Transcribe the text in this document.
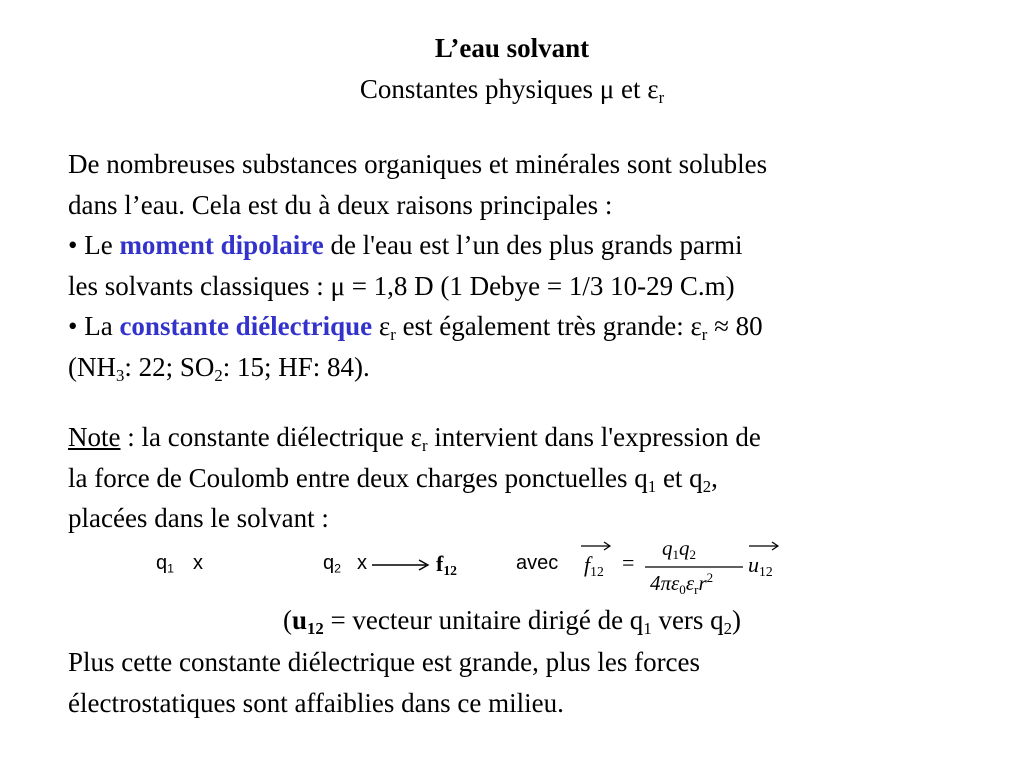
L’eau solvant
Constantes physiques μ et $\varepsilon_r$
De nombreuses substances organiques et minérales sont solubles
dans l’eau. Cela est du à deux raisons principales :
• Le moment dipolaire de l'eau est l’un des plus grands parmi
les solvants classiques : μ = 1,8 D (1 Debye = 1/3 10-29 C.m)
• La constante diélectrique $\varepsilon_r$ est également très grande: $\varepsilon_r \approx 80$
($NH_3$: 22; $SO_2$: 15; HF: 84).
Note : la constante diélectrique $\varepsilon_r$ intervient dans l'expression de
la force de Coulomb entre deux charges ponctuelles $q_1$ et $q_2$,
placées dans le solvant :
$q_1$ x	$q_2$ x	$f_{12}$	avec $f_{12}$ =
$q_1q_2$
$4\pi\varepsilon_0\varepsilon_rr^2$
$u_{12}$
($u_{12}$ = vecteur unitaire dirigé de $q_1$ vers $q_2$)
Plus cette constante diélectrique est grande, plus les forces
électrostatiques sont affaiblies dans ce milieu.
